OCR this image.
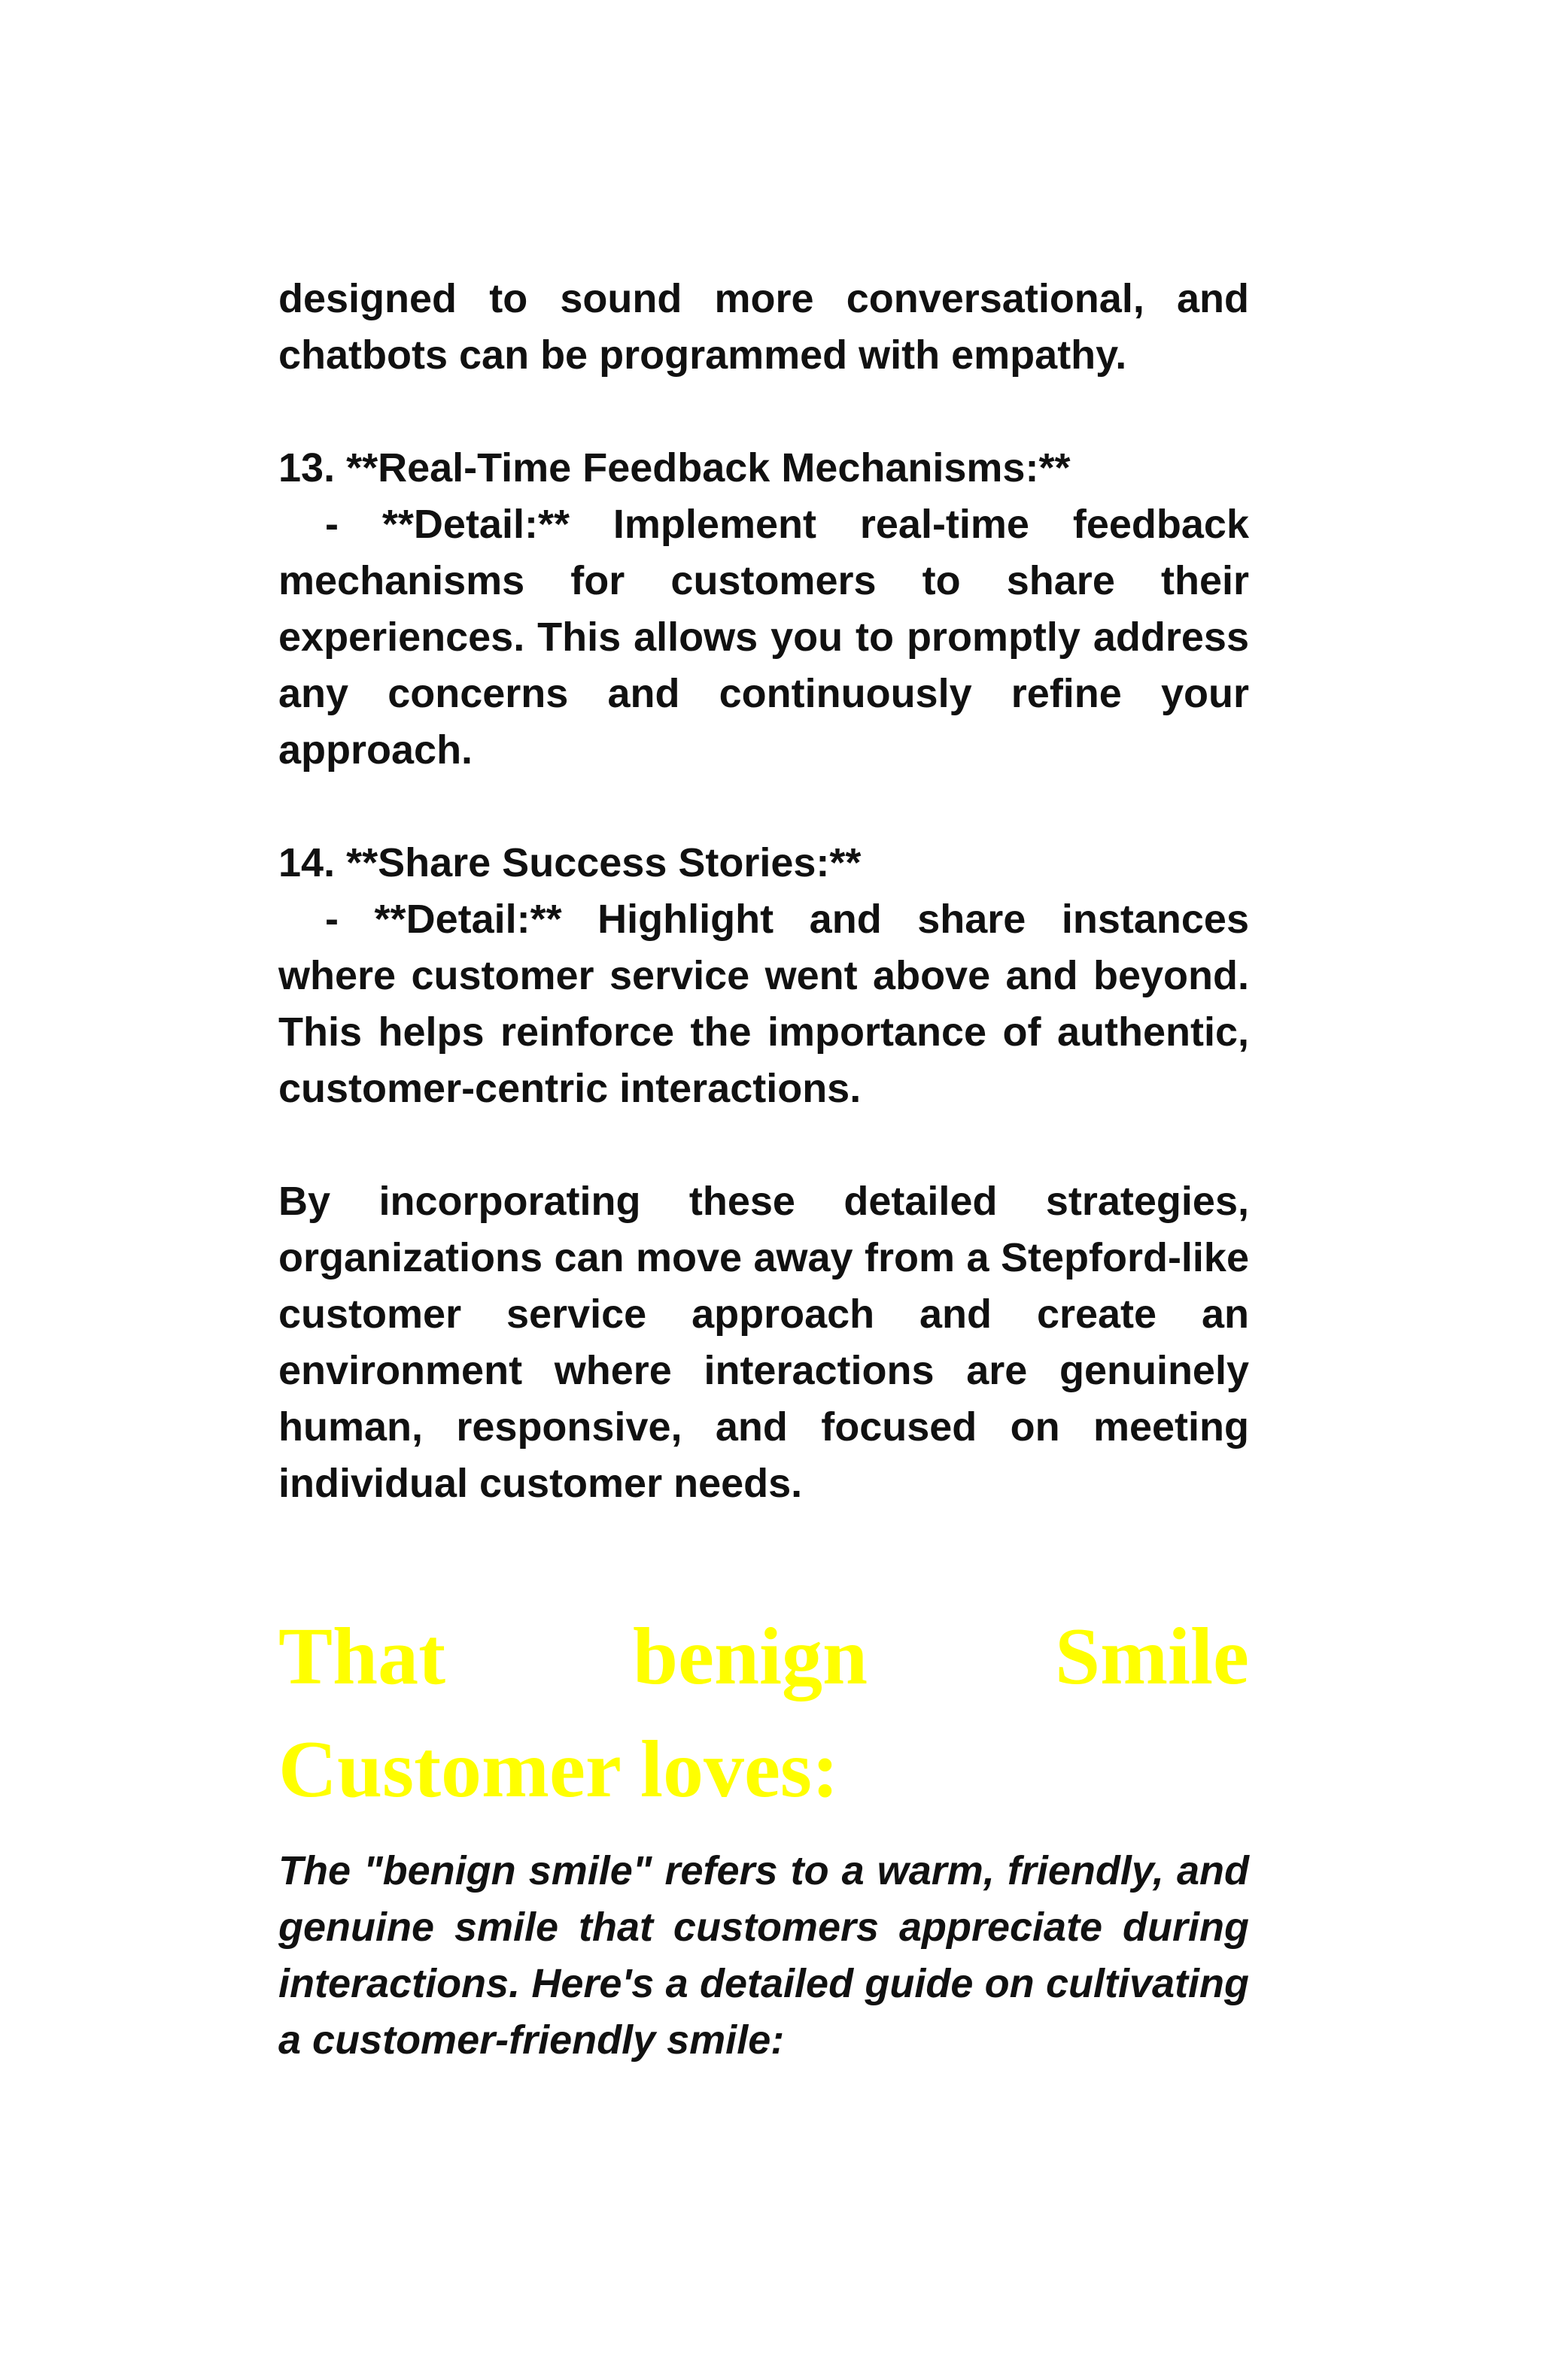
designed to sound more conversational, and chatbots can be programmed with empathy.

13. **Real-Time Feedback Mechanisms:**

- **Detail:** Implement real-time feedback mechanisms for customers to share their experiences. This allows you to promptly address any concerns and continuously refine your approach.

14. **Share Success Stories:**

- **Detail:** Highlight and share instances where customer service went above and beyond. This helps reinforce the importance of authentic, customer-centric interactions.

By incorporating these detailed strategies, organizations can move away from a Stepford-like customer service approach and create an environment where interactions are genuinely human, responsive, and focused on meeting individual customer needs.

That benign Smile Customer loves:

The "benign smile" refers to a warm, friendly, and genuine smile that customers appreciate during interactions. Here's a detailed guide on cultivating a customer-friendly smile:
